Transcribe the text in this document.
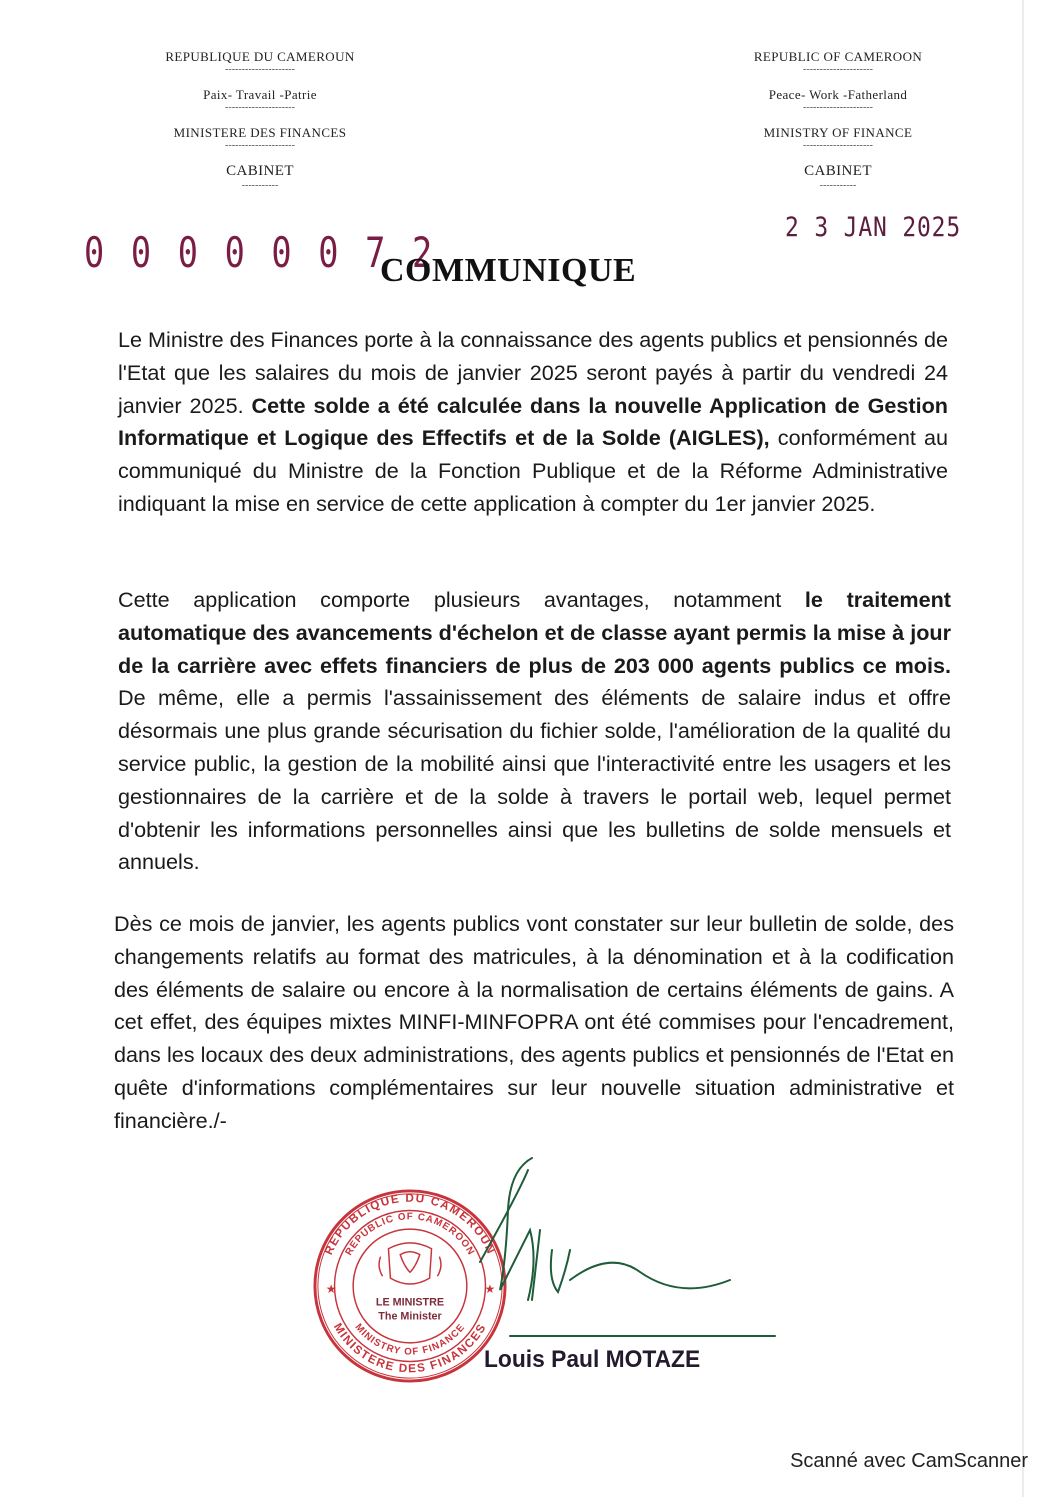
REPUBLIQUE DU CAMEROUN
---------------------
Paix- Travail -Patrie
---------------------
MINISTERE DES FINANCES
---------------------
CABINET
-----------
REPUBLIC OF CAMEROON
---------------------
Peace- Work -Fatherland
---------------------
MINISTRY OF FINANCE
---------------------
CABINET
-----------
2 3 JAN 2025
0 0 0 0 0 0 7 2
COMMUNIQUE
Le Ministre des Finances porte à la connaissance des agents publics et pensionnés de l'Etat que les salaires du mois de janvier 2025 seront payés à partir du vendredi 24 janvier 2025. Cette solde a été calculée dans la nouvelle Application de Gestion Informatique et Logique des Effectifs et de la Solde (AIGLES), conformément au communiqué du Ministre de la Fonction Publique et de la Réforme Administrative indiquant la mise en service de cette application à compter du 1er janvier 2025.
Cette application comporte plusieurs avantages, notamment le traitement automatique des avancements d'échelon et de classe ayant permis la mise à jour de la carrière avec effets financiers de plus de 203 000 agents publics ce mois. De même, elle a permis l'assainissement des éléments de salaire indus et offre désormais une plus grande sécurisation du fichier solde, l'amélioration de la qualité du service public, la gestion de la mobilité ainsi que l'interactivité entre les usagers et les gestionnaires de la carrière et de la solde à travers le portail web, lequel permet d'obtenir les informations personnelles ainsi que les bulletins de solde mensuels et annuels.
Dès ce mois de janvier, les agents publics vont constater sur leur bulletin de solde, des changements relatifs au format des matricules, à la dénomination et à la codification des éléments de salaire ou encore à la normalisation de certains éléments de gains. A cet effet, des équipes mixtes MINFI-MINFOPRA ont été commises pour l'encadrement, dans les locaux des deux administrations, des agents publics et pensionnés de l'Etat en quête d'informations complémentaires sur leur nouvelle situation administrative et financière./-
REPUBLIQUE DU CAMEROUN
REPUBLIC OF CAMEROON
MINISTERE DES FINANCES
MINISTRY OF FINANCE
★	★
LE MINISTRE
The Minister
Louis Paul MOTAZE
Scanné avec CamScanner
